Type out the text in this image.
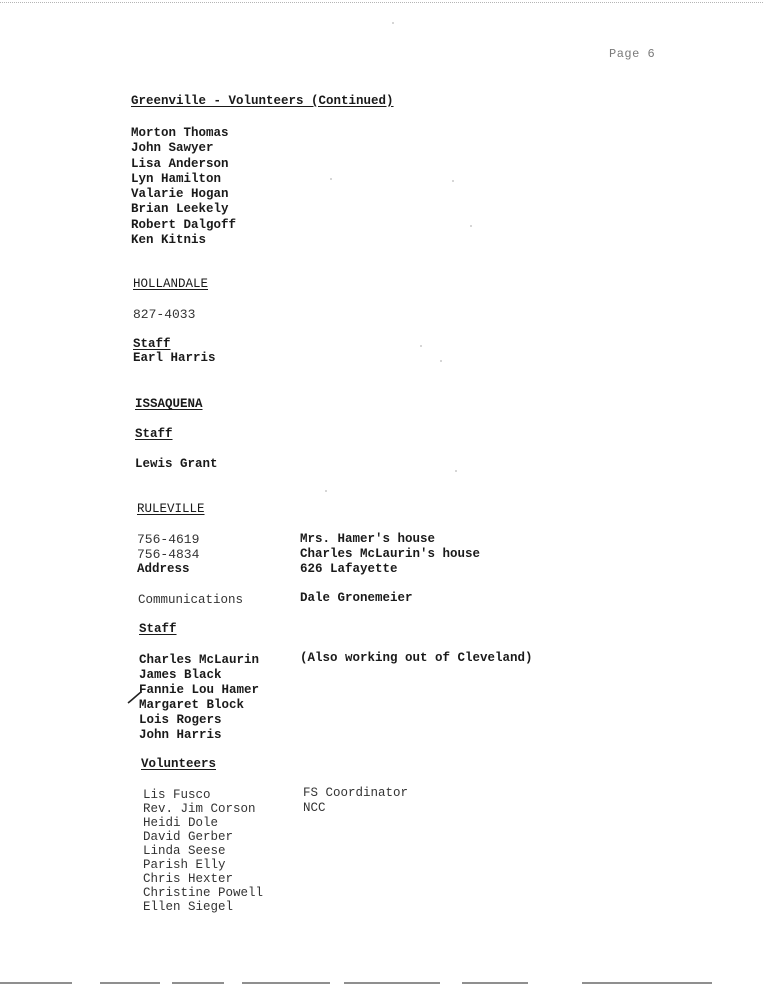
Page 6
Greenville - Volunteers (Continued)
Morton Thomas
John Sawyer
Lisa Anderson
Lyn Hamilton
Valarie Hogan
Brian Leekely
Robert Dalgoff
Ken Kitnis
HOLLANDALE
827-4033
Staff
Earl Harris
ISSAQUENA
Staff
Lewis Grant
RULEVILLE
756-4619	Mrs. Hamer's house
756-4834	Charles McLaurin's house
Address	626 Lafayette
Communications	Dale Gronemeier
Staff
Charles McLaurin	(Also working out of Cleveland)
James Black
Fannie Lou Hamer
Margaret Block
Lois Rogers
John Harris
Volunteers
Lis Fusco	FS Coordinator
Rev. Jim Corson	NCC
Heidi Dole
David Gerber
Linda Seese
Parish Elly
Chris Hexter
Christine Powell
Ellen Siegel
